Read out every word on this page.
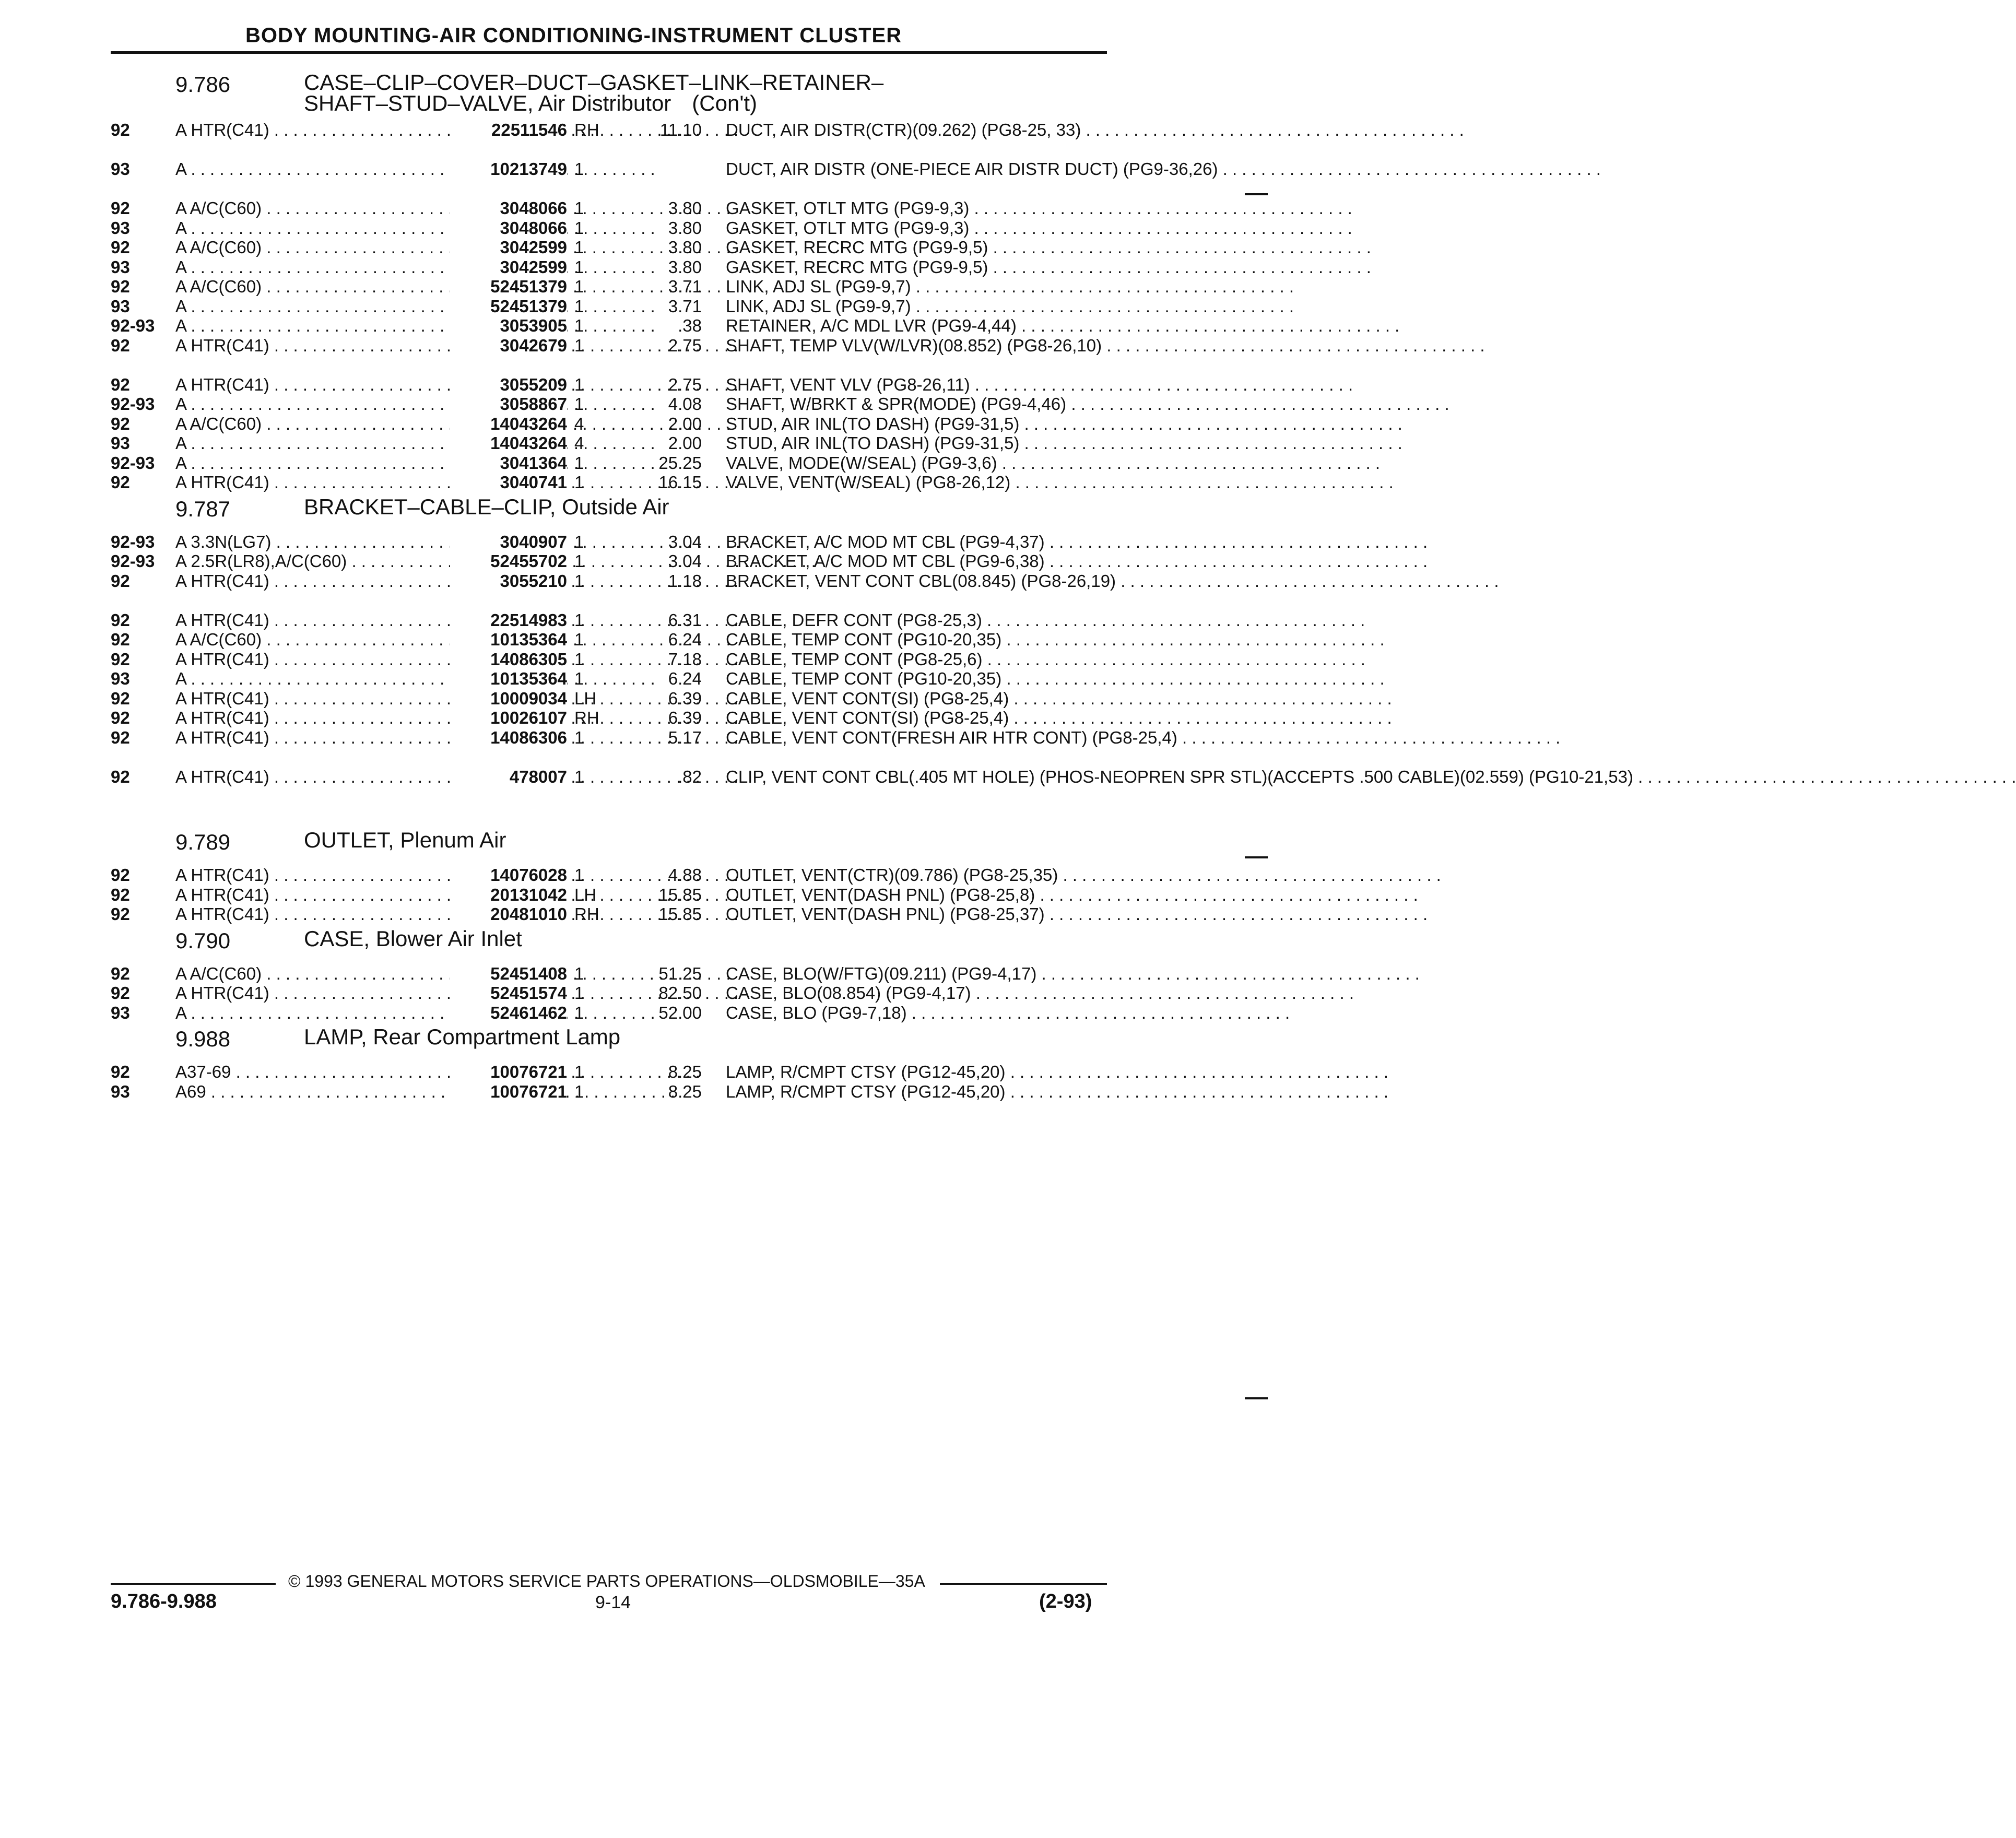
BODY MOUNTING-AIR CONDITIONING-INSTRUMENT CLUSTER
9.786	CASE–CLIP–COVER–DUCT–GASKET–LINK–RETAINER–
SHAFT–STUD–VALVE, Air Distributor (Con't)
92	A HTR(C41) . . .	22511546 RH	11.10 DUCT, AIR DISTR(CTR)(09.262) (PG8-25, 33) . . .
93	A . . .	10213749 1	DUCT, AIR DISTR (ONE-PIECE AIR DISTR DUCT) (PG9-36,26) . . .
92	A A/C(C60) . . .	3048066 1	3.80 GASKET, OTLT MTG (PG9-9,3) . . .
93	A . . .	3048066 1	3.80 GASKET, OTLT MTG (PG9-9,3) . . .
92	A A/C(C60) . . .	3042599 1	3.80 GASKET, RECRC MTG (PG9-9,5) . . .
93	A . . .	3042599 1	3.80 GASKET, RECRC MTG (PG9-9,5) . . .
92	A A/C(C60) . . .	52451379 1	3.71 LINK, ADJ SL (PG9-9,7) . . .
93	A . . .	52451379 1	3.71 LINK, ADJ SL (PG9-9,7) . . .
92-93 A . . .	3053905 1	.38 RETAINER, A/C MDL LVR (PG9-4,44) . . .
92	A HTR(C41) . . .	3042679 1	2.75 SHAFT, TEMP VLV(W/LVR)(08.852) (PG8-26,10) . . .
92	A HTR(C41) . . .	3055209 1	2.75 SHAFT, VENT VLV (PG8-26,11) . . .
92-93 A . . .	3058867 1	4.08 SHAFT, W/BRKT & SPR(MODE) (PG9-4,46) . . .
92	A A/C(C60) . . .	14043264 4	2.00 STUD, AIR INL(TO DASH) (PG9-31,5) . . .
93	A . . .	14043264 4	2.00 STUD, AIR INL(TO DASH) (PG9-31,5) . . .
92-93 A . . .	3041364 1	25.25 VALVE, MODE(W/SEAL) (PG9-3,6) . . .
92	A HTR(C41) . . .	3040741 1	16.15 VALVE, VENT(W/SEAL) (PG8-26,12) . . .
9.787	BRACKET–CABLE–CLIP, Outside Air
92-93 A 3.3N(LG7) . . .	3040907 1	3.04 BRACKET, A/C MOD MT CBL (PG9-4,37) . . .
92-93 A 2.5R(LR8),A/C(C60) . . .	52455702 1	3.04 BRACKET, A/C MOD MT CBL (PG9-6,38) . . .
92	A HTR(C41) . . .	3055210 1	1.18 BRACKET, VENT CONT CBL(08.845) (PG8-26,19) . . .
92	A HTR(C41) . . .	22514983 1	6.31 CABLE, DEFR CONT (PG8-25,3) . . .
92	A A/C(C60) . . .	10135364 1	6.24 CABLE, TEMP CONT (PG10-20,35) . . .
92	A HTR(C41) . . .	14086305 1	7.18 CABLE, TEMP CONT (PG8-25,6) . . .
93	A . . .	10135364 1	6.24 CABLE, TEMP CONT (PG10-20,35) . . .
92	A HTR(C41) . . .	10009034 LH	6.39 CABLE, VENT CONT(SI) (PG8-25,4) . . .
92	A HTR(C41) . . .	10026107 RH	6.39 CABLE, VENT CONT(SI) (PG8-25,4) . . .
92	A HTR(C41) . . .	14086306 1	5.17 CABLE, VENT CONT(FRESH AIR HTR CONT) (PG8-25,4) . . .
92	A HTR(C41) . . .	478007 1	.82 CLIP, VENT CONT CBL(.405 MT HOLE) (PHOS-NEOPREN SPR STL)(ACCEPTS .500 CABLE)(02.559) (PG10-21,53) . . .
9.789	OUTLET, Plenum Air
92	A HTR(C41) . . .	14076028 1	4.88 OUTLET, VENT(CTR)(09.786) (PG8-25,35) . . .
92	A HTR(C41) . . .	20131042 LH	15.85 OUTLET, VENT(DASH PNL) (PG8-25,8) . . .
92	A HTR(C41) . . .	20481010 RH	15.85 OUTLET, VENT(DASH PNL) (PG8-25,37) . . .
9.790	CASE, Blower Air Inlet
92	A A/C(C60) . . .	52451408 1	51.25 CASE, BLO(W/FTG)(09.211) (PG9-4,17) . . .
92	A HTR(C41) . . .	52451574 1	82.50 CASE, BLO(08.854) (PG9-4,17) . . .
93	A . . .	52461462 1	52.00 CASE, BLO (PG9-7,18) . . .
9.988	LAMP, Rear Compartment Lamp
92	A37-69 . . .	10076721 1	8.25 LAMP, R/CMPT CTSY (PG12-45,20) . . .
93	A69 . . .	10076721 1	8.25 LAMP, R/CMPT CTSY (PG12-45,20) . . .
© 1993 GENERAL MOTORS SERVICE PARTS OPERATIONS—OLDSMOBILE—35A
9.786-9.988	9-14	(2-93)
